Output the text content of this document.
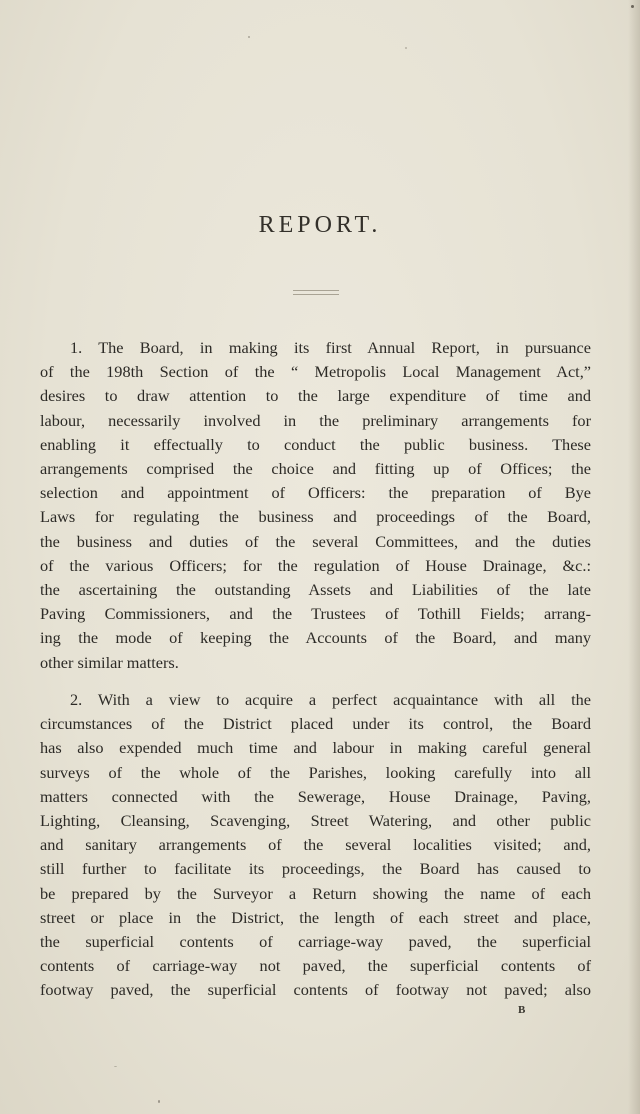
REPORT.

1. The Board, in making its first Annual Report, in pursuance
of the 198th Section of the “ Metropolis Local Management Act,”
desires to draw attention to the large expenditure of time and
labour, necessarily involved in the preliminary arrangements for
enabling it effectually to conduct the public business. These
arrangements comprised the choice and fitting up of Offices; the
selection and appointment of Officers: the preparation of Bye
Laws for regulating the business and proceedings of the Board,
the business and duties of the several Committees, and the duties
of the various Officers; for the regulation of House Drainage, &c.:
the ascertaining the outstanding Assets and Liabilities of the late
Paving Commissioners, and the Trustees of Tothill Fields; arrang-
ing the mode of keeping the Accounts of the Board, and many
other similar matters.

2. With a view to acquire a perfect acquaintance with all the
circumstances of the District placed under its control, the Board
has also expended much time and labour in making careful general
surveys of the whole of the Parishes, looking carefully into all
matters connected with the Sewerage, House Drainage, Paving,
Lighting, Cleansing, Scavenging, Street Watering, and other public
and sanitary arrangements of the several localities visited; and,
still further to facilitate its proceedings, the Board has caused to
be prepared by the Surveyor a Return showing the name of each
street or place in the District, the length of each street and place,
the superficial contents of carriage-way paved, the superficial
contents of carriage-way not paved, the superficial contents of
footway paved, the superficial contents of footway not paved; also

B
